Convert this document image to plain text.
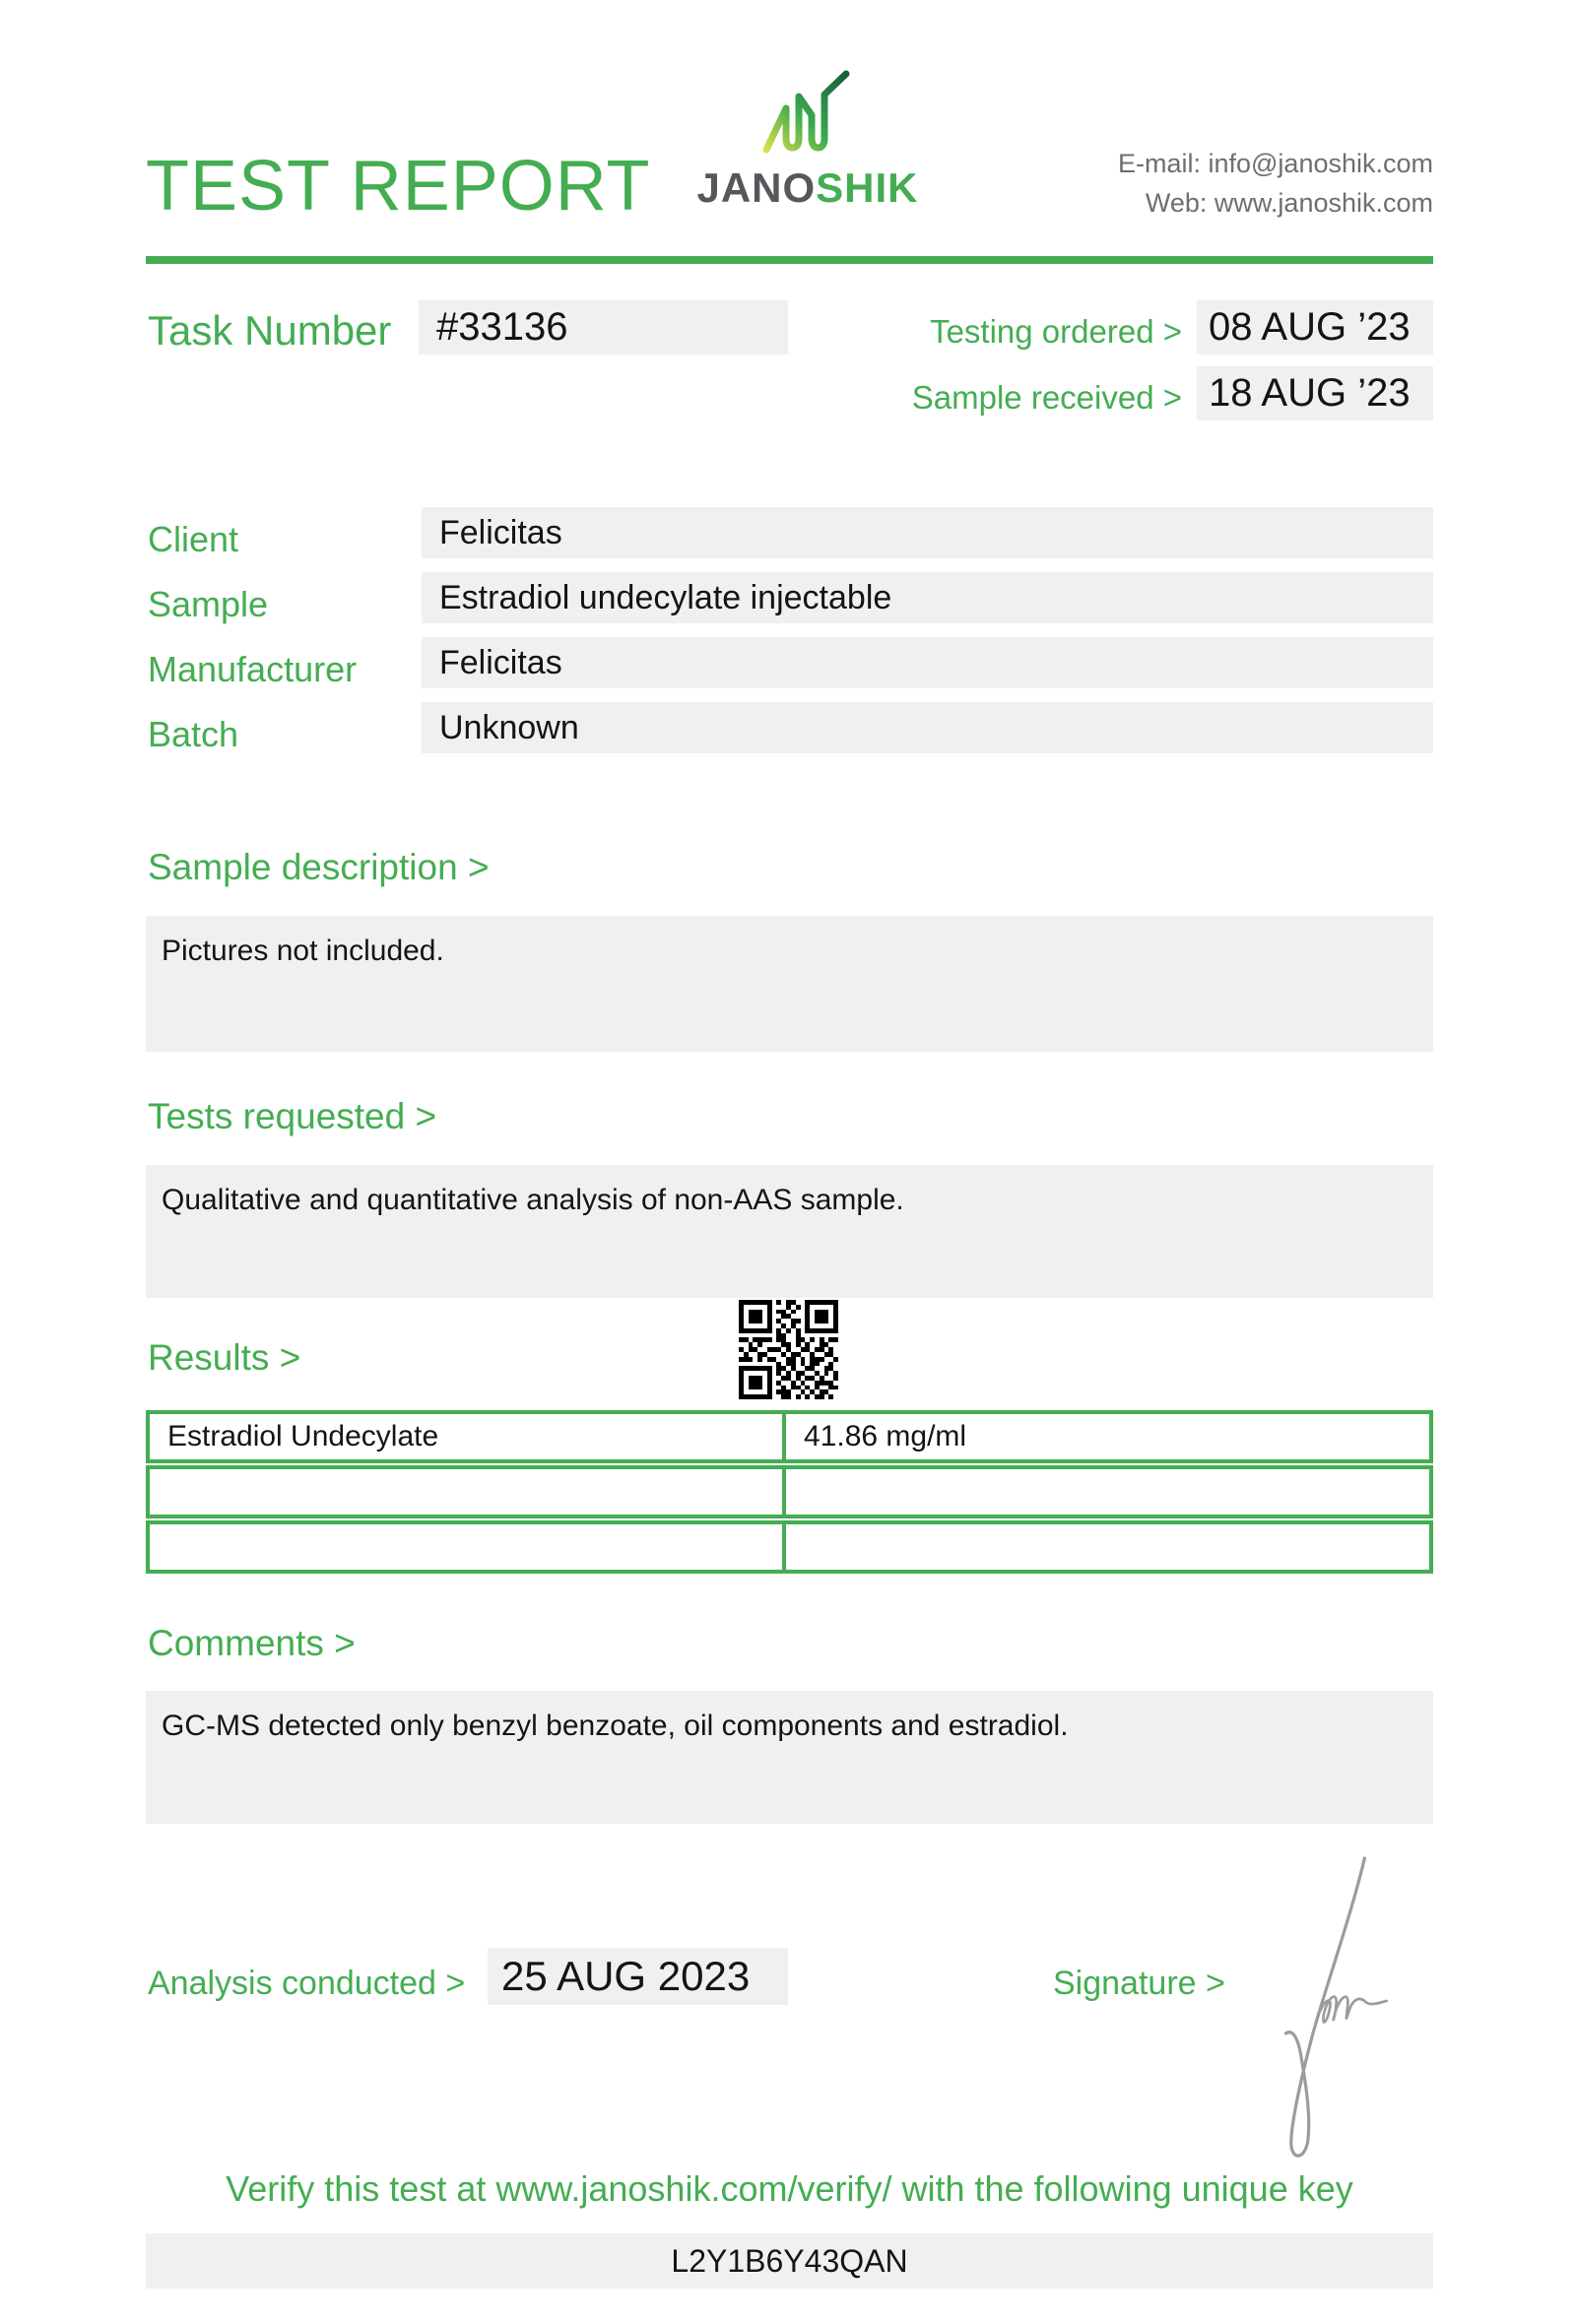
TEST REPORT	JANOSHIK
E-mail: info@janoshik.com
Web: www.janoshik.com
Task Number	#33136	Testing ordered > 08 AUG ’23
Sample received > 18 AUG ’23
Client	Felicitas
Sample	Estradiol undecylate injectable
Manufacturer	Felicitas
Batch	Unknown
Sample description >
Pictures not included.
Tests requested >
Qualitative and quantitative analysis of non-AAS sample.
Results >
Estradiol Undecylate	41.86 mg/ml
Comments >
GC-MS detected only benzyl benzoate, oil components and estradiol.
Analysis conducted > 25 AUG 2023	Signature >
Verify this test at www.janoshik.com/verify/ with the following unique key
L2Y1B6Y43QAN
